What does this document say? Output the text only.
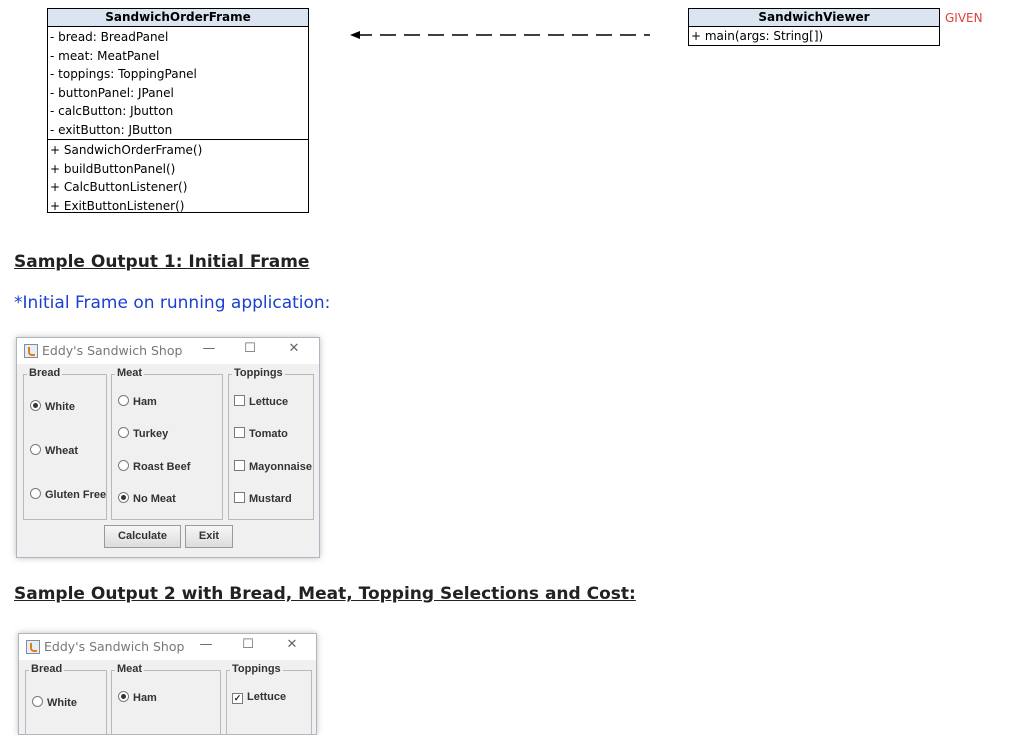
SandwichOrderFrame
- bread: BreadPanel
- meat: MeatPanel
- toppings: ToppingPanel
- buttonPanel: JPanel
- calcButton: Jbutton
- exitButton: JButton
+ SandwichOrderFrame()
+ buildButtonPanel()
+ CalcButtonListener()
+ ExitButtonListener()
SandwichViewer
+ main(args: String[])
GIVEN
Sample Output 1: Initial Frame
*Initial Frame on running application:
Eddy's Sandwich Shop	—	☐	✕
Bread
White
Wheat
Gluten Free
Meat
Ham
Turkey
Roast Beef
No Meat
Toppings
Lettuce
Tomato
Mayonnaise
Mustard
Calculate	Exit
Sample Output 2 with Bread, Meat, Topping Selections and Cost:
Eddy's Sandwich Shop	—	☐	✕
Bread
White
Meat
Ham
Toppings
✓ Lettuce
